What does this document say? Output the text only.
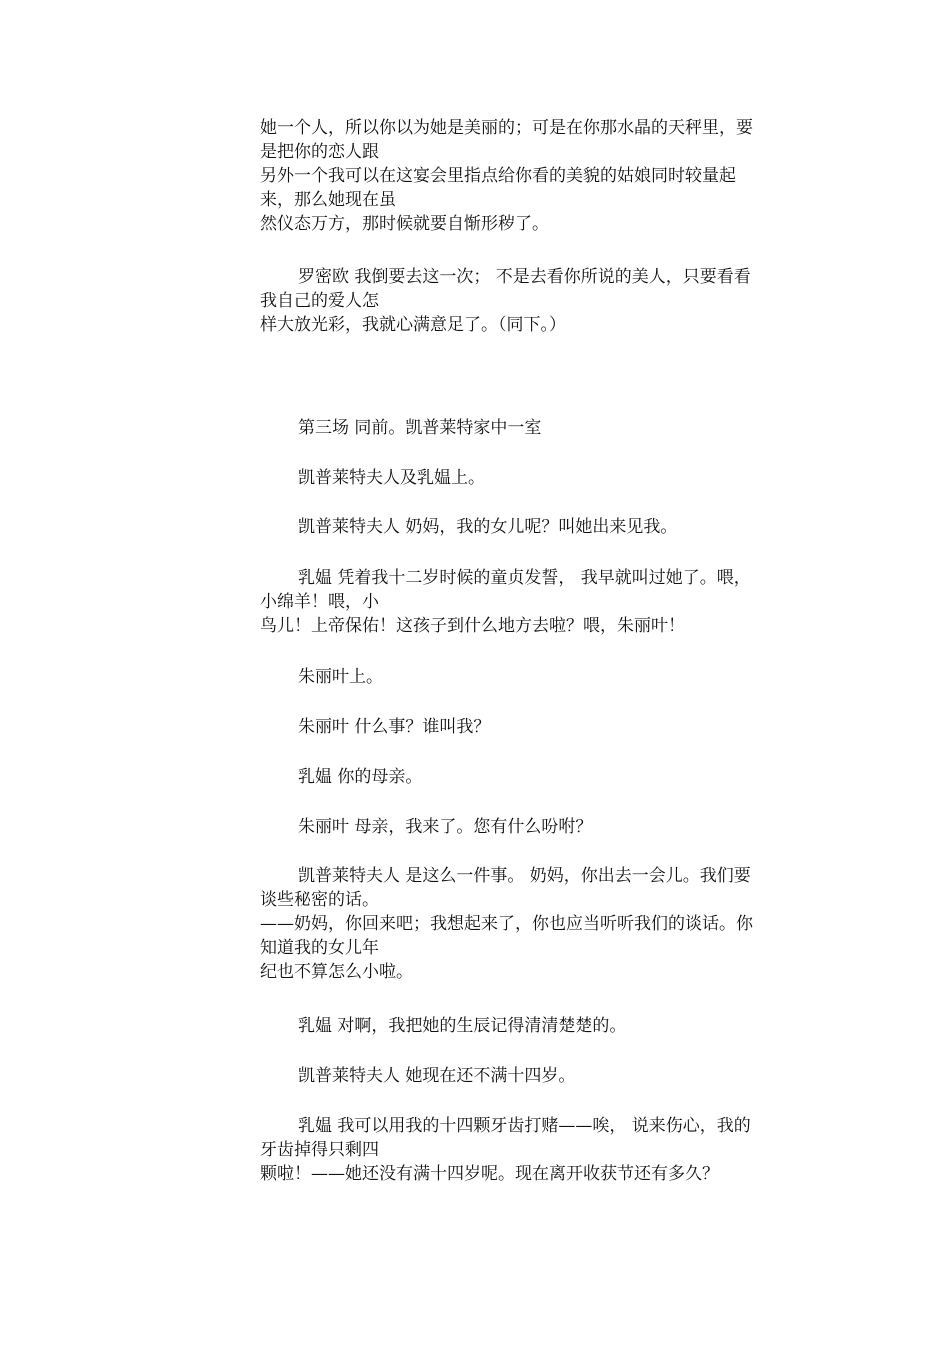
她一个人，所以你以为她是美丽的；可是在你那水晶的天秤里，要
是把你的恋人跟
另外一个我可以在这宴会里指点给你看的美貌的姑娘同时较量起
来，那么她现在虽
然仪态万方，那时候就要自惭形秽了。
罗密欧 我倒要去这一次； 不是去看你所说的美人，只要看看
我自己的爱人怎
样大放光彩，我就心满意足了。（同下。）
第三场 同前。凯普莱特家中一室
凯普莱特夫人及乳媪上。
凯普莱特夫人 奶妈，我的女儿呢？叫她出来见我。
乳媪 凭着我十二岁时候的童贞发誓， 我早就叫过她了。喂，
小绵羊！喂，小
鸟儿！上帝保佑！这孩子到什么地方去啦？喂，朱丽叶！
朱丽叶上。
朱丽叶 什么事？谁叫我？
乳媪 你的母亲。
朱丽叶 母亲，我来了。您有什么吩咐？
凯普莱特夫人 是这么一件事。 奶妈，你出去一会儿。我们要
谈些秘密的话。
——奶妈，你回来吧；我想起来了，你也应当听听我们的谈话。你
知道我的女儿年
纪也不算怎么小啦。
乳媪 对啊，我把她的生辰记得清清楚楚的。
凯普莱特夫人 她现在还不满十四岁。
乳媪 我可以用我的十四颗牙齿打赌——唉， 说来伤心，我的
牙齿掉得只剩四
颗啦！——她还没有满十四岁呢。现在离开收获节还有多久？
